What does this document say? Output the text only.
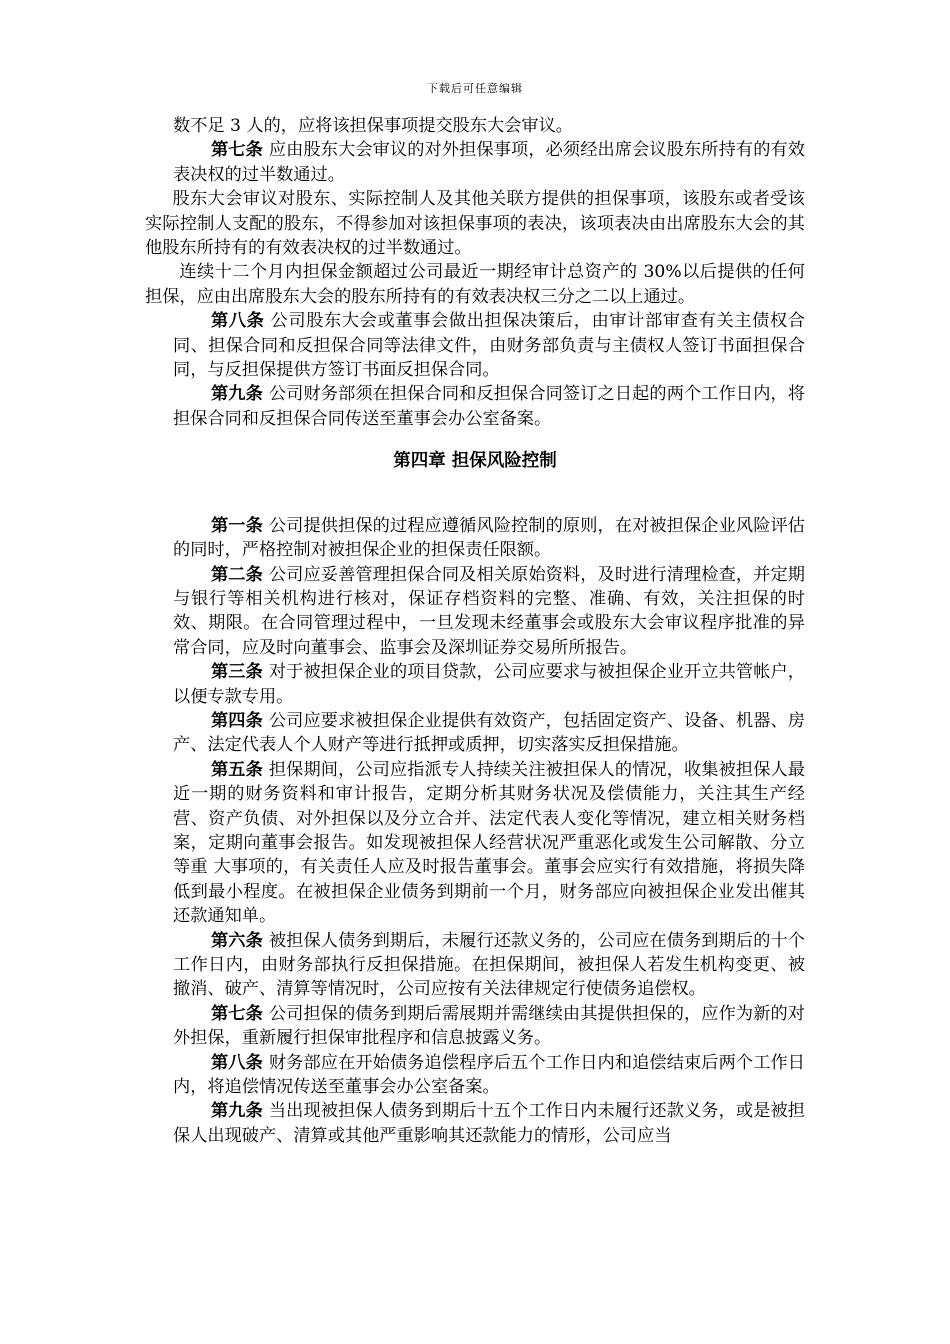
下载后可任意编辑

数不足 3 人的，应将该担保事项提交股东大会审议。

第七条 应由股东大会审议的对外担保事项，必须经出席会议股东所持有的有效表决权的过半数通过。

股东大会审议对股东、实际控制人及其他关联方提供的担保事项，该股东或者受该实际控制人支配的股东，不得参加对该担保事项的表决，该项表决由出席股东大会的其他股东所持有的有效表决权的过半数通过。

连续十二个月内担保金额超过公司最近一期经审计总资产的 30%以后提供的任何担保，应由出席股东大会的股东所持有的有效表决权三分之二以上通过。

第八条 公司股东大会或董事会做出担保决策后，由审计部审查有关主债权合同、担保合同和反担保合同等法律文件，由财务部负责与主债权人签订书面担保合同，与反担保提供方签订书面反担保合同。

第九条 公司财务部须在担保合同和反担保合同签订之日起的两个工作日内，将担保合同和反担保合同传送至董事会办公室备案。

第四章 担保风险控制

第一条 公司提供担保的过程应遵循风险控制的原则，在对被担保企业风险评估的同时，严格控制对被担保企业的担保责任限额。

第二条 公司应妥善管理担保合同及相关原始资料，及时进行清理检查，并定期与银行等相关机构进行核对，保证存档资料的完整、准确、有效，关注担保的时效、期限。在合同管理过程中，一旦发现未经董事会或股东大会审议程序批准的异常合同，应及时向董事会、监事会及深圳证券交易所所报告。

第三条 对于被担保企业的项目贷款，公司应要求与被担保企业开立共管帐户，以便专款专用。

第四条 公司应要求被担保企业提供有效资产，包括固定资产、设备、机器、房产、法定代表人个人财产等进行抵押或质押，切实落实反担保措施。

第五条 担保期间，公司应指派专人持续关注被担保人的情况，收集被担保人最近一期的财务资料和审计报告，定期分析其财务状况及偿债能力，关注其生产经营、资产负债、对外担保以及分立合并、法定代表人变化等情况，建立相关财务档案，定期向董事会报告。如发现被担保人经营状况严重恶化或发生公司解散、分立等重 大事项的，有关责任人应及时报告董事会。董事会应实行有效措施，将损失降低到最小程度。在被担保企业债务到期前一个月，财务部应向被担保企业发出催其还款通知单。

第六条 被担保人债务到期后，未履行还款义务的，公司应在债务到期后的十个工作日内，由财务部执行反担保措施。在担保期间，被担保人若发生机构变更、被撤消、破产、清算等情况时，公司应按有关法律规定行使债务追偿权。

第七条 公司担保的债务到期后需展期并需继续由其提供担保的，应作为新的对外担保，重新履行担保审批程序和信息披露义务。

第八条 财务部应在开始债务追偿程序后五个工作日内和追偿结束后两个工作日内，将追偿情况传送至董事会办公室备案。

第九条 当出现被担保人债务到期后十五个工作日内未履行还款义务，或是被担保人出现破产、清算或其他严重影响其还款能力的情形，公司应当
